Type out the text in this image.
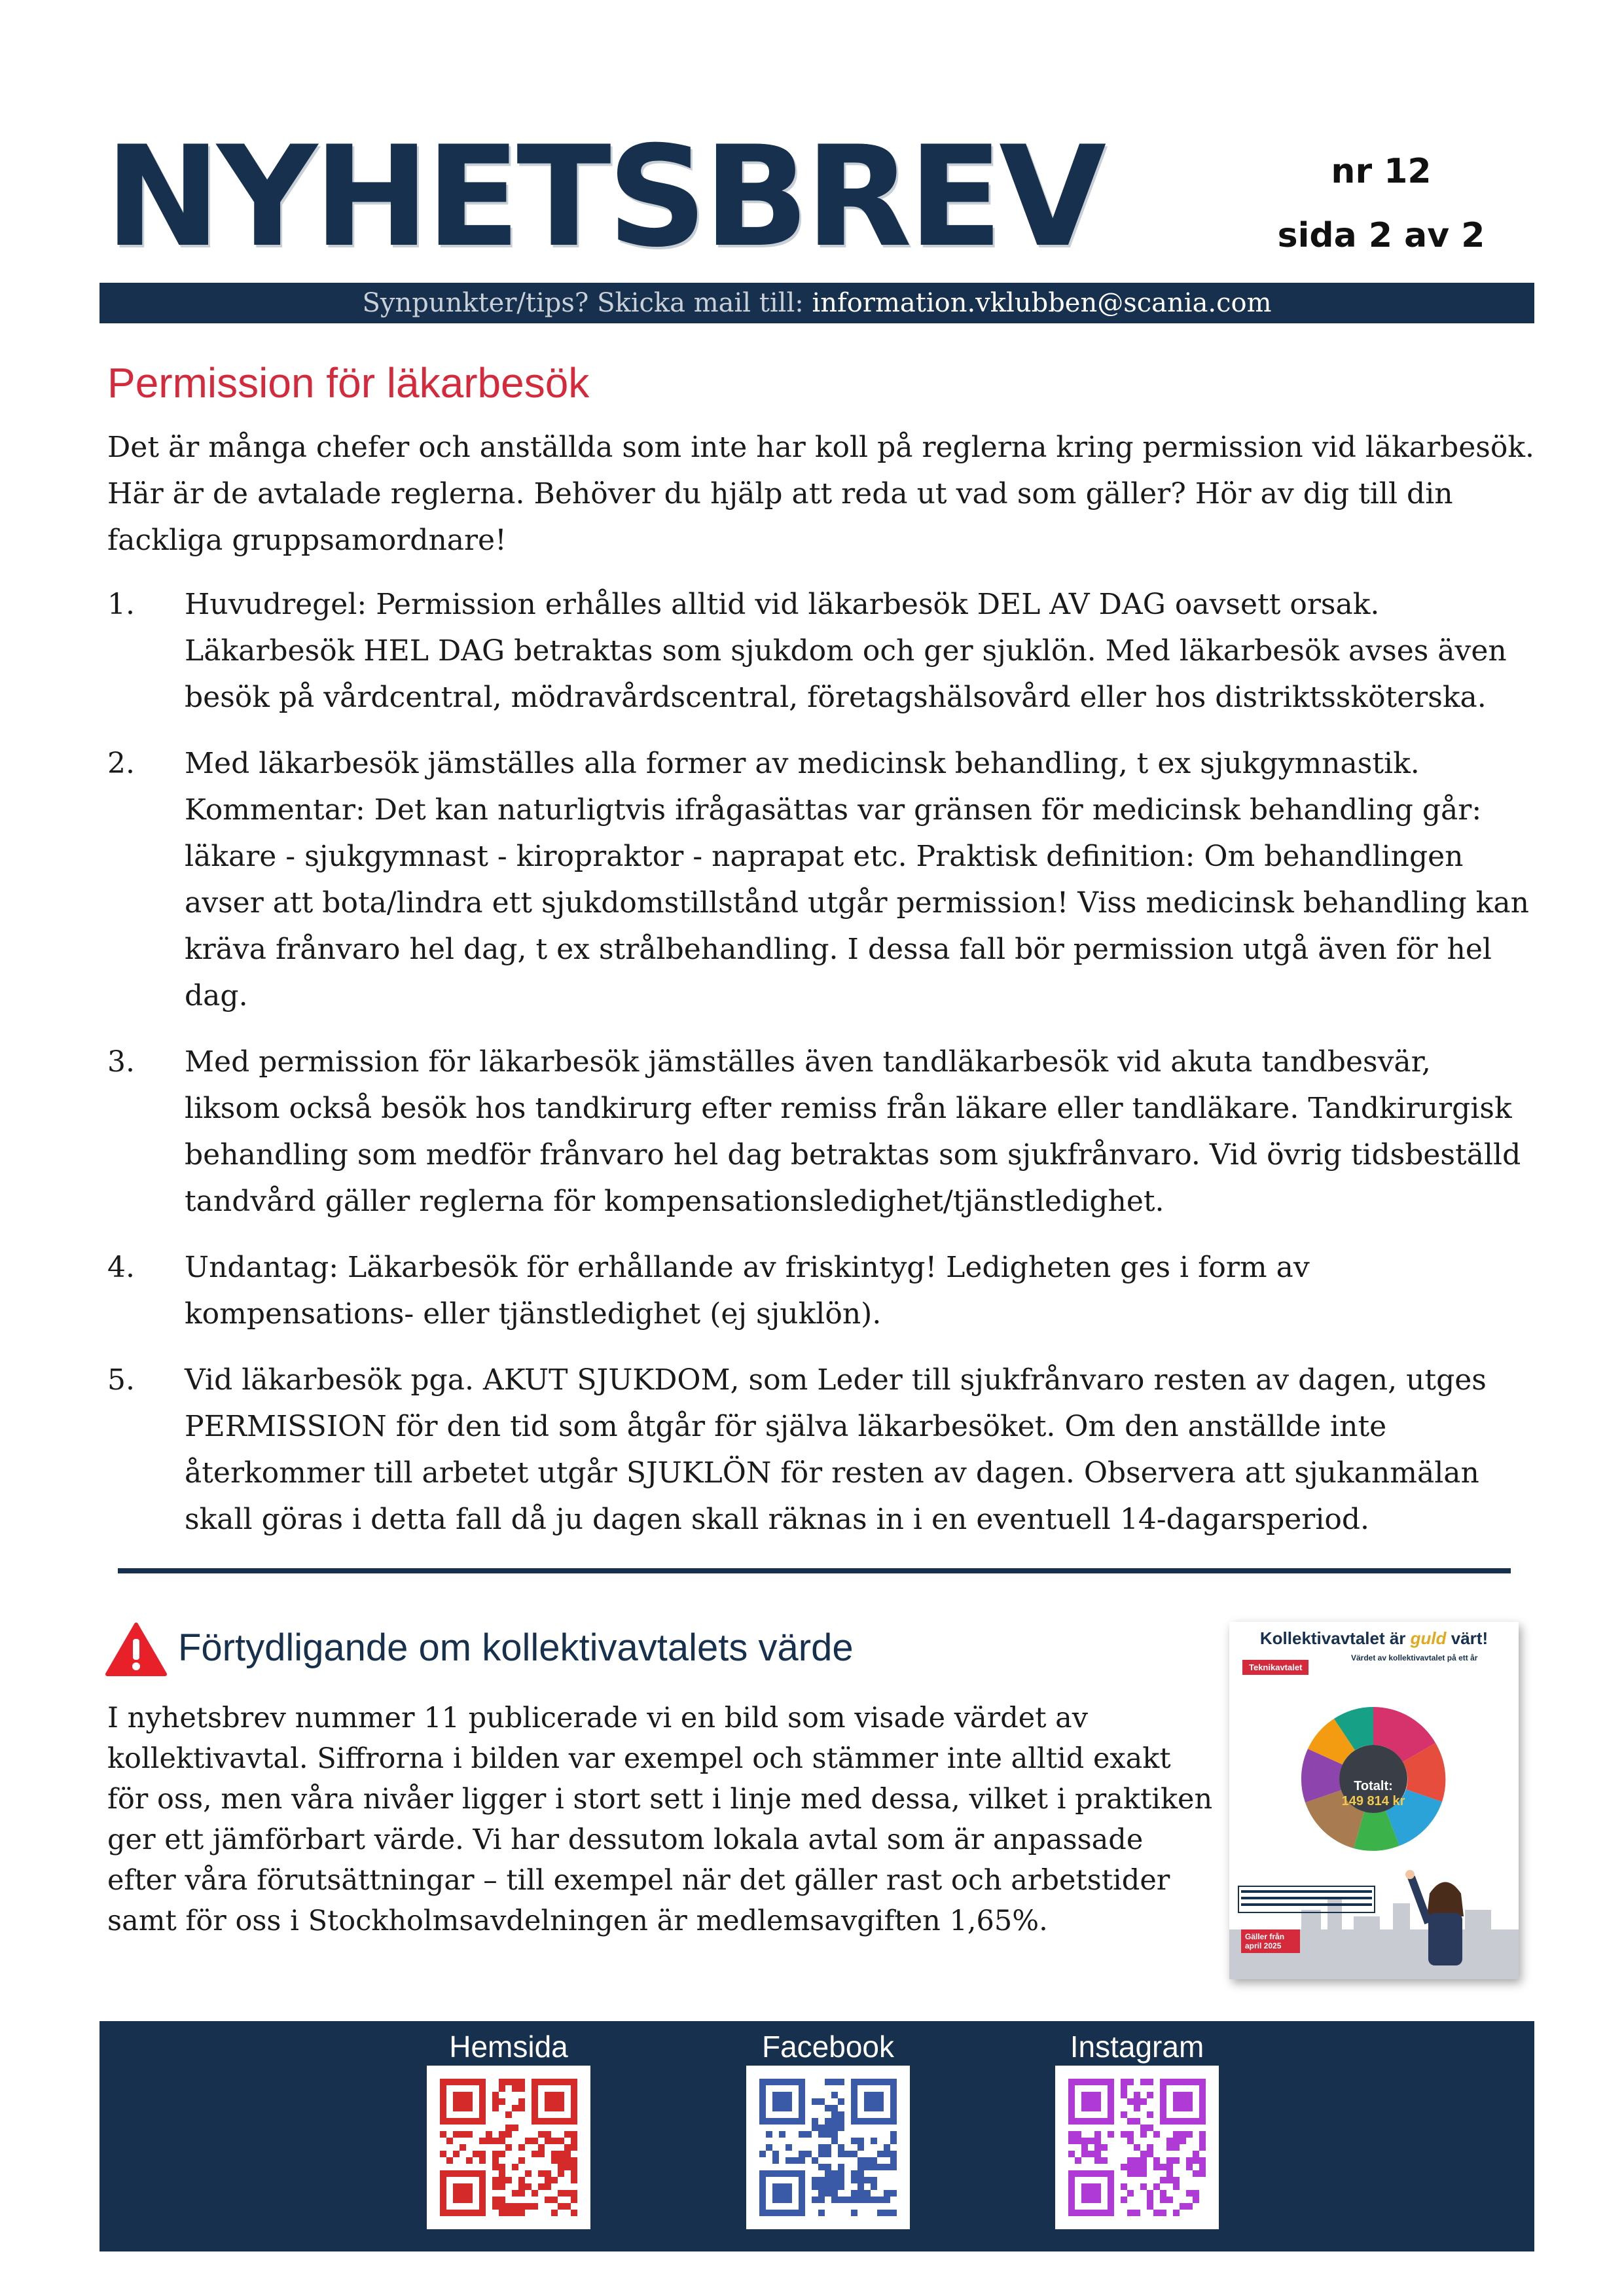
NYHETSBREV	nr 12
sida 2 av 2
Synpunkter/tips? Skicka mail till: information.vklubben@scania.com
Permission för läkarbesök

Det är många chefer och anställda som inte har koll på reglerna kring permission vid läkarbesök. Här är de avtalade reglerna. Behöver du hjälp att reda ut vad som gäller? Hör av dig till din fackliga gruppsamordnare!

1. Huvudregel: Permission erhålles alltid vid läkarbesök DEL AV DAG oavsett orsak. Läkarbesök HEL DAG betraktas som sjukdom och ger sjuklön. Med läkarbesök avses även besök på vårdcentral, mödravårdscentral, företagshälsovård eller hos distriktssköterska.
2. Med läkarbesök jämställes alla former av medicinsk behandling, t ex sjukgymnastik. Kommentar: Det kan naturligtvis ifrågasättas var gränsen för medicinsk behandling går: läkare - sjukgymnast - kiropraktor - naprapat etc. Praktisk definition: Om behandlingen avser att bota/lindra ett sjukdomstillstånd utgår permission! Viss medicinsk behandling kan kräva frånvaro hel dag, t ex strålbehandling. I dessa fall bör permission utgå även för hel dag.
3. Med permission för läkarbesök jämställes även tandläkarbesök vid akuta tandbesvär, liksom också besök hos tandkirurg efter remiss från läkare eller tandläkare. Tandkirurgisk behandling som medför frånvaro hel dag betraktas som sjukfrånvaro. Vid övrig tidsbeställd tandvård gäller reglerna för kompensationsledighet/tjänstledighet.
4. Undantag: Läkarbesök för erhållande av friskintyg! Ledigheten ges i form av kompensations- eller tjänstledighet (ej sjuklön).
5. Vid läkarbesök pga. AKUT SJUKDOM, som Leder till sjukfrånvaro resten av dagen, utges PERMISSION för den tid som åtgår för själva läkarbesöket. Om den anställde inte återkommer till arbetet utgår SJUKLÖN för resten av dagen. Observera att sjukanmälan skall göras i detta fall då ju dagen skall räknas in i en eventuell 14-dagarsperiod.
Förtydligande om kollektivavtalets värde

I nyhetsbrev nummer 11 publicerade vi en bild som visade värdet av kollektivavtal. Siffrorna i bilden var exempel och stämmer inte alltid exakt för oss, men våra nivåer ligger i stort sett i linje med dessa, vilket i praktiken ger ett jämförbart värde. Vi har dessutom lokala avtal som är anpassade efter våra förutsättningar – till exempel när det gäller rast och arbetstider samt för oss i Stockholmsavdelningen är medlemsavgiften 1,65%.

Kollektivavtalet är guld värt!

Värdet av kollektivavtalet på ett år

Teknikavtalet

Totalt:
149 814 kr

Gäller från april 2025

Hemsida	Facebook	Instagram
